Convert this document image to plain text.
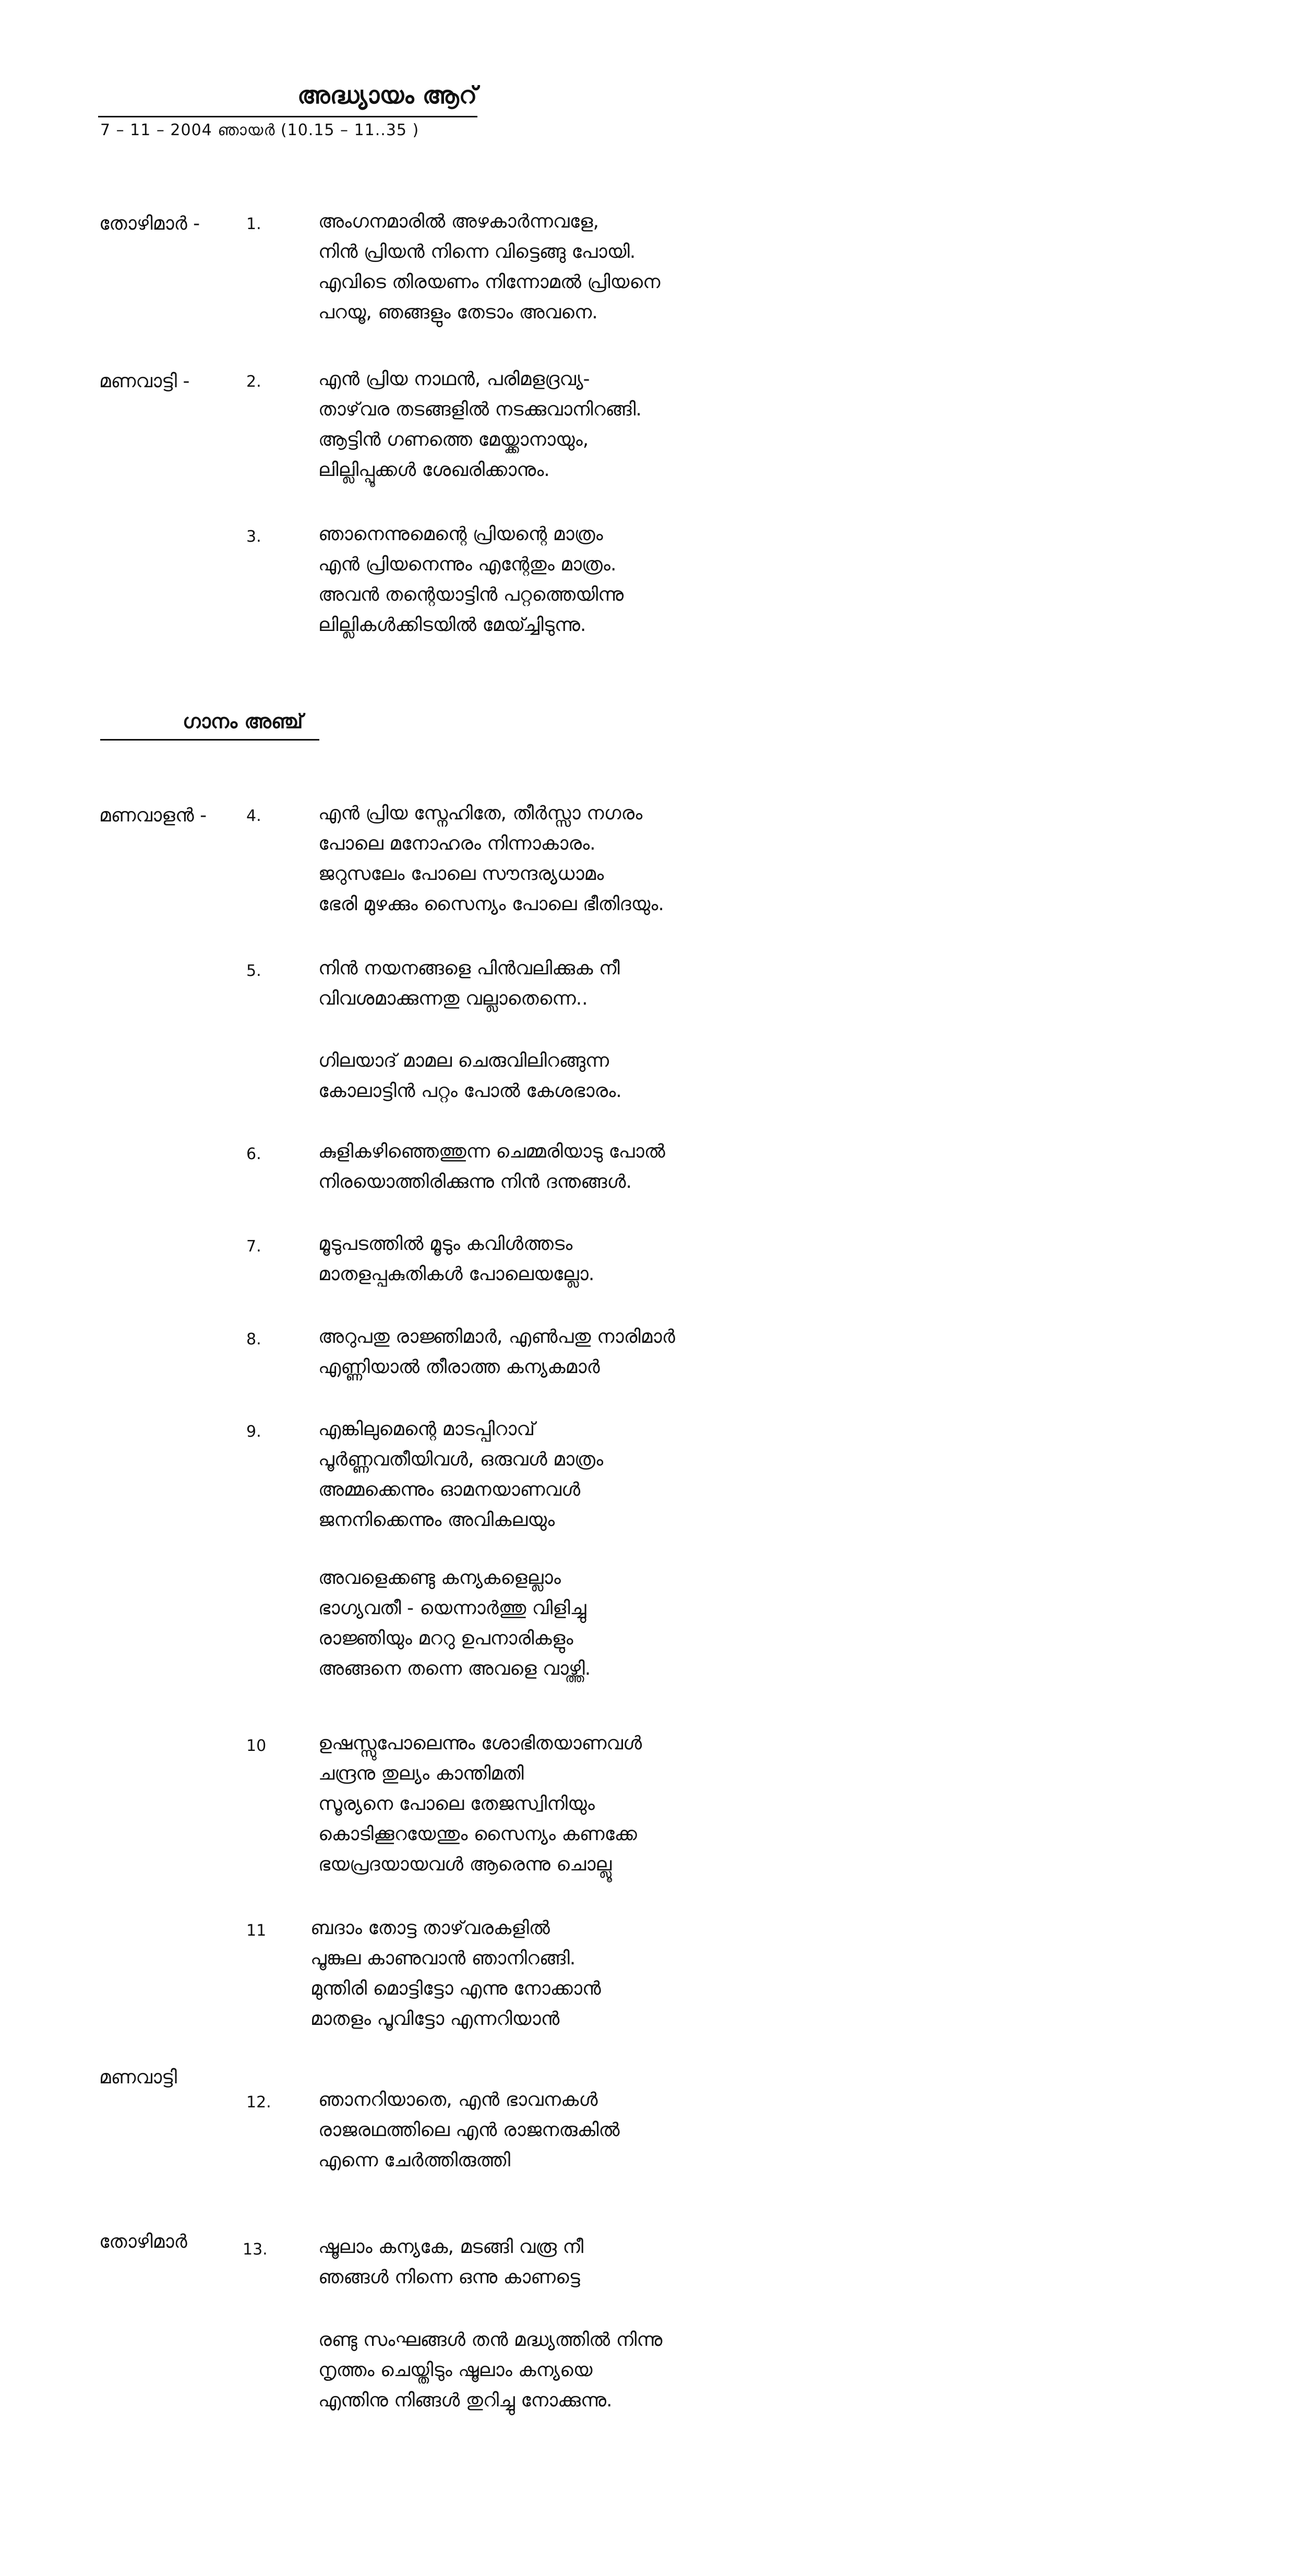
അദ്ധ്യായം ആറ്
7 – 11 – 2004 ഞായർ (10.15 – 11..35 )
തോഴിമാർ -	1.	അംഗനമാരിൽ അഴകാർന്നവളേ,
നിൻ പ്രിയൻ നിന്നെ വിട്ടെങ്ങു പോയി.
എവിടെ തിരയണം നിന്നോമൽ പ്രിയനെ
പറയൂ, ഞങ്ങളും തേടാം അവനെ.
മണവാട്ടി -	2.	എൻ പ്രിയ നാഥൻ, പരിമളദ്രവ്യ-
താഴ്‌വര തടങ്ങളിൽ നടക്കുവാനിറങ്ങി.
ആട്ടിൻ ഗണത്തെ മേയ്ക്കാനായും,
ലില്ലിപ്പൂക്കൾ ശേഖരിക്കാനും.
3.	ഞാനെന്നുമെന്റെ പ്രിയന്റെ മാത്രം
എൻ പ്രിയനെന്നും എന്റേതും മാത്രം.
അവൻ തന്റെയാട്ടിൻ പറ്റത്തെയിന്നു
ലില്ലികൾക്കിടയിൽ മേയ്ച്ചിടുന്നു.
ഗാനം അഞ്ച്
മണവാളൻ -	4.	എൻ പ്രിയ സ്നേഹിതേ, തീർസ്സാ നഗരം
പോലെ മനോഹരം നിന്നാകാരം.
ജറുസലേം പോലെ സൗന്ദര്യധാമം
ഭേരി മുഴക്കും സൈന്യം പോലെ ഭീതിദയും.
5.	നിൻ നയനങ്ങളെ പിൻവലിക്കുക നീ
വിവശമാക്കുന്നതു വല്ലാതെന്നെ..
ഗിലയാദ് മാമല ചെരുവിലിറങ്ങുന്ന
കോലാട്ടിൻ പറ്റം പോൽ കേശഭാരം.
6.	കുളികഴിഞ്ഞെത്തുന്ന ചെമ്മരിയാടു പോൽ
നിരയൊത്തിരിക്കുന്നു നിൻ ദന്തങ്ങൾ.
7.	മൂടുപടത്തിൽ മൂടും കവിൾത്തടം
മാതളപ്പകുതികൾ പോലെയല്ലോ.
8.	അറുപതു രാജ്ഞിമാർ, എൺപതു നാരിമാർ
എണ്ണിയാൽ തീരാത്ത കന്യകമാർ
9.	എങ്കിലുമെന്റെ മാടപ്പിറാവ്
പൂർണ്ണവതീയിവൾ, ഒരുവൾ മാത്രം
അമ്മക്കെന്നും ഓമനയാണവൾ
ജനനിക്കെന്നും അവികലയും
അവളെക്കണ്ടു കന്യകളെല്ലാം
ഭാഗ്യവതീ - യെന്നാർത്തു വിളിച്ചു
രാജ്ഞിയും മററു ഉപനാരികളും
അങ്ങനെ തന്നെ അവളെ വാഴ്ത്തി.
10	ഉഷസ്സുപോലെന്നും ശോഭിതയാണവൾ
ചന്ദ്രനു തുല്യം കാന്തിമതി
സൂര്യനെ പോലെ തേജസ്വിനിയും
കൊടിക്കൂറയേന്തും സൈന്യം കണക്കേ
ഭയപ്രദയായവൾ ആരെന്നു ചൊല്ലൂ
11 ബദാം തോട്ട താഴ്‌വരകളിൽ
പൂങ്കുല കാണുവാൻ ഞാനിറങ്ങി.
മുന്തിരി മൊട്ടിട്ടോ എന്നു നോക്കാൻ
മാതളം പൂവിട്ടോ എന്നറിയാൻ
മണവാട്ടി
12.	ഞാനറിയാതെ, എൻ ഭാവനകൾ
രാജരഥത്തിലെ എൻ രാജനരുകിൽ
എന്നെ ചേർത്തിരുത്തി
തോഴിമാർ	13.	ഷൂലാം കന്യകേ, മടങ്ങി വരൂ നീ
ഞങ്ങൾ നിന്നെ ഒന്നു കാണട്ടെ
രണ്ടു സംഘങ്ങൾ തൻ മദ്ധ്യത്തിൽ നിന്നു
നൃത്തം ചെയ്തിടും ഷൂലാം കന്യയെ
എന്തിനു നിങ്ങൾ തുറിച്ചു നോക്കുന്നു.
